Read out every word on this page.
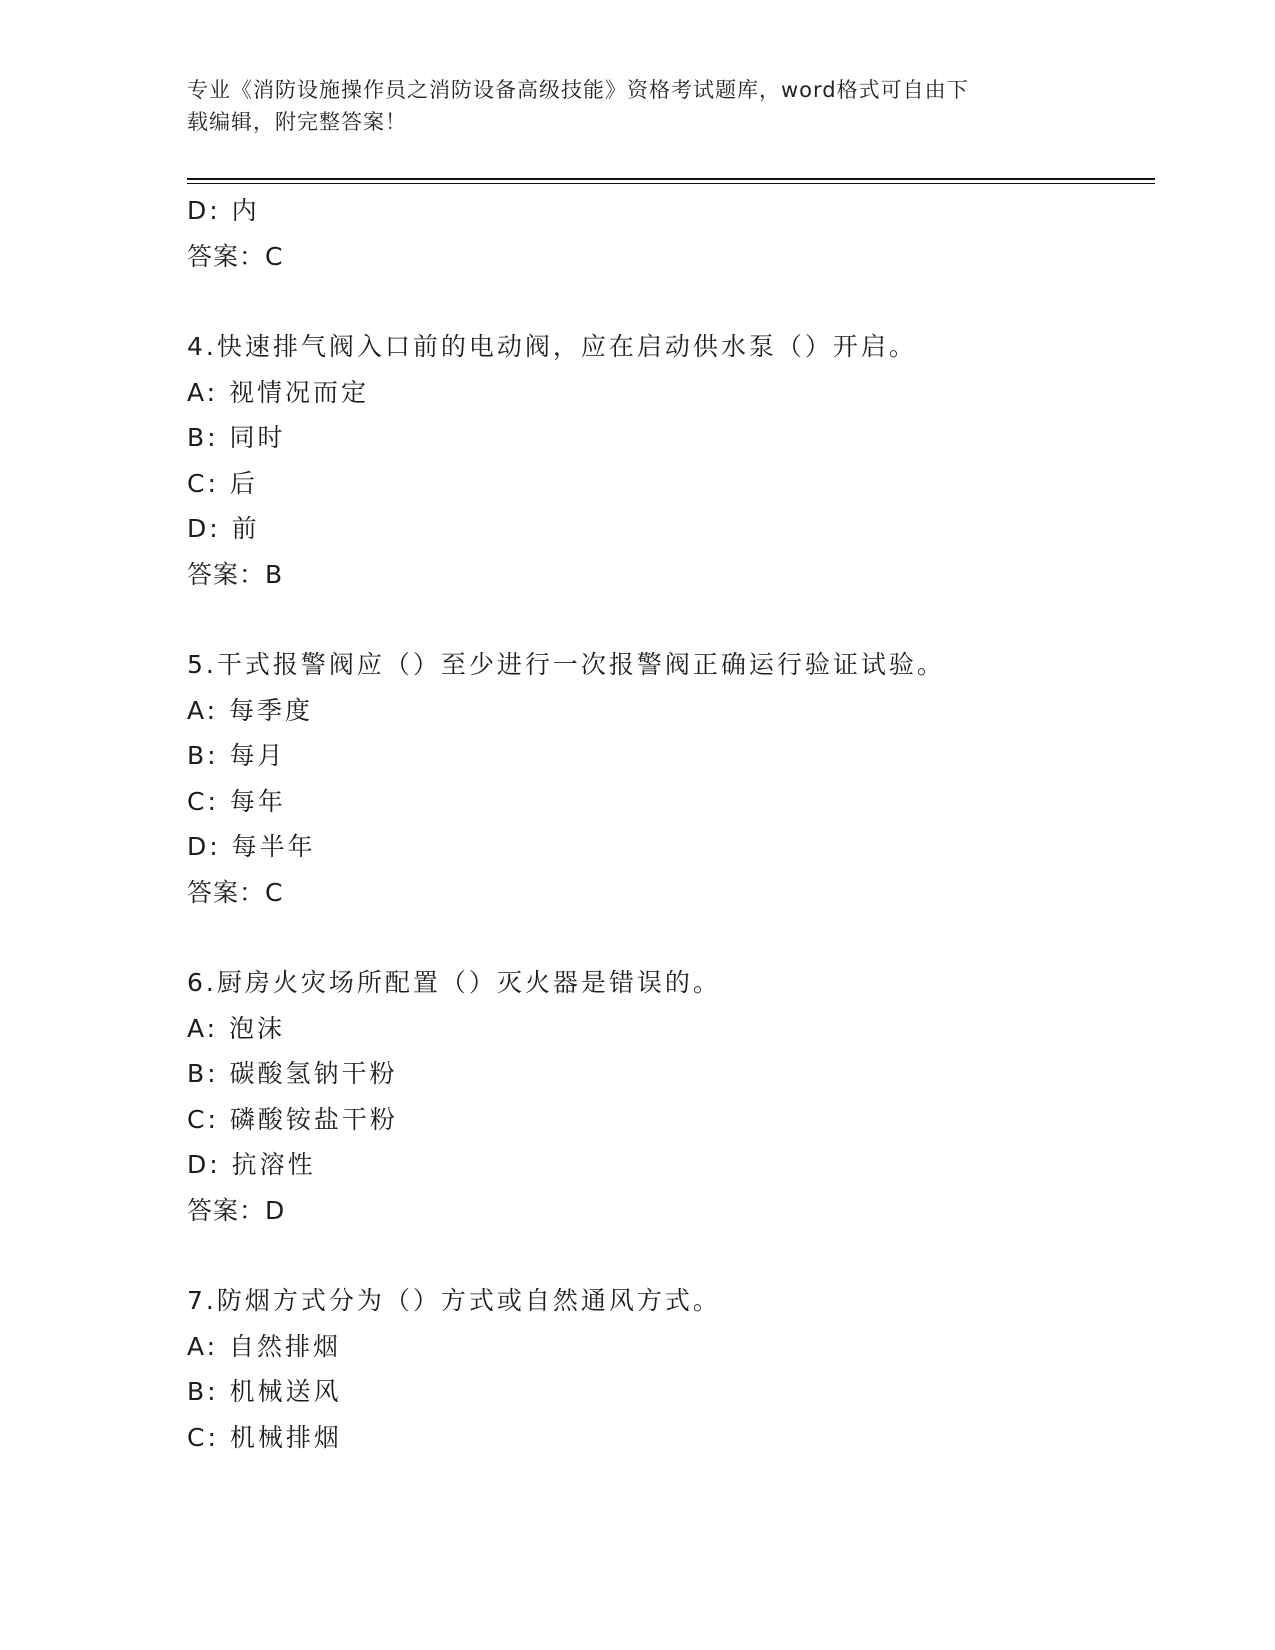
专业《消防设施操作员之消防设备高级技能》资格考试题库，word格式可自由下
载编辑，附完整答案！
D: 内
答案：C
4.快速排气阀入口前的电动阀，应在启动供水泵（）开启。
A: 视情况而定
B: 同时
C: 后
D: 前
答案：B
5.干式报警阀应（）至少进行一次报警阀正确运行验证试验。
A: 每季度
B: 每月
C: 每年
D: 每半年
答案：C
6.厨房火灾场所配置（）灭火器是错误的。
A: 泡沫
B: 碳酸氢钠干粉
C: 磷酸铵盐干粉
D: 抗溶性
答案：D
7.防烟方式分为（）方式或自然通风方式。
A: 自然排烟
B: 机械送风
C: 机械排烟
